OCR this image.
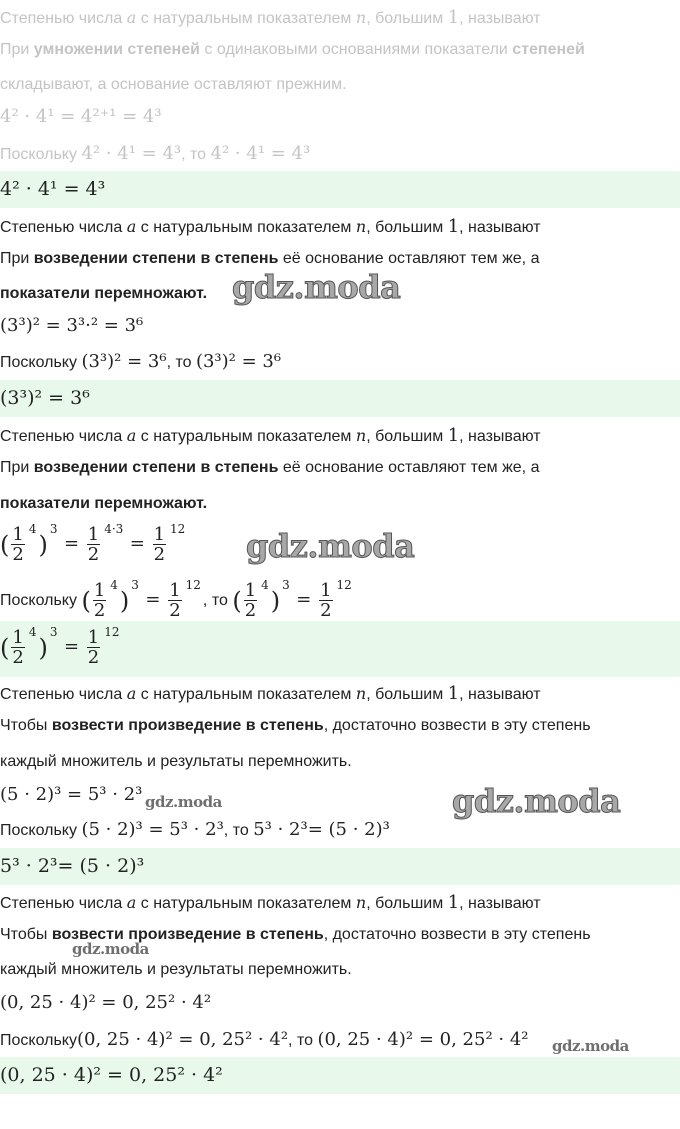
Степенью числа a с натуральным показателем n, большим 1, называют
При умножении степеней с одинаковыми основаниями показатели степеней
складывают, а основание оставляют прежним.
4² · 4¹ = 4²⁺¹ = 4³
Поскольку 4² · 4¹ = 4³, то 4² · 4¹ = 4³
4² · 4¹ = 4³
Степенью числа a с натуральным показателем n, большим 1, называют
При возведении степени в степень её основание оставляют тем же, а
показатели перемножают. gdz.moda
(3³)² = 3³·² = 3⁶
Поскольку (3³)² = 3⁶, то (3³)² = 3⁶
(3³)² = 3⁶
Степенью числа a с натуральным показателем n, большим 1, называют
При возведении степени в степень её основание оставляют тем же, а
показатели перемножают.
( $\frac{1}{2} ^4)^3 = \frac{1}{2} ^{4\cdot 3} = \frac{1}{2} ^{12}$	gdz.moda
Поскольку ( $\frac{1}{2} ^4)^3 = \frac{1}{2} ^{12}$, то ( $\frac{1}{2} ^4)^3 = \frac{1}{2} ^{12}$
( $\frac{1}{2} ^4)^3 = \frac{1}{2} ^{12}$
Степенью числа a с натуральным показателем n, большим 1, называют
Чтобы возвести произведение в степень, достаточно возвести в эту степень
каждый множитель и результаты перемножить.
(5 · 2)³ = 5³ · 2³ gdz.moda	gdz.moda
Поскольку (5 · 2)³ = 5³ · 2³, то 5³ · 2³= (5 · 2)³
5³ · 2³= (5 · 2)³
Степенью числа a с натуральным показателем n, большим 1, называют
Чтобы возвести произведение в степень, достаточно возвести в эту степень
gdz.moda
каждый множитель и результаты перемножить.
(0, 25 · 4)² = 0, 25² · 4²
Поскольку(0, 25 · 4)² = 0, 25² · 4², то (0, 25 · 4)² = 0, 25² · 4²	gdz.moda
(0, 25 · 4)² = 0, 25² · 4²
